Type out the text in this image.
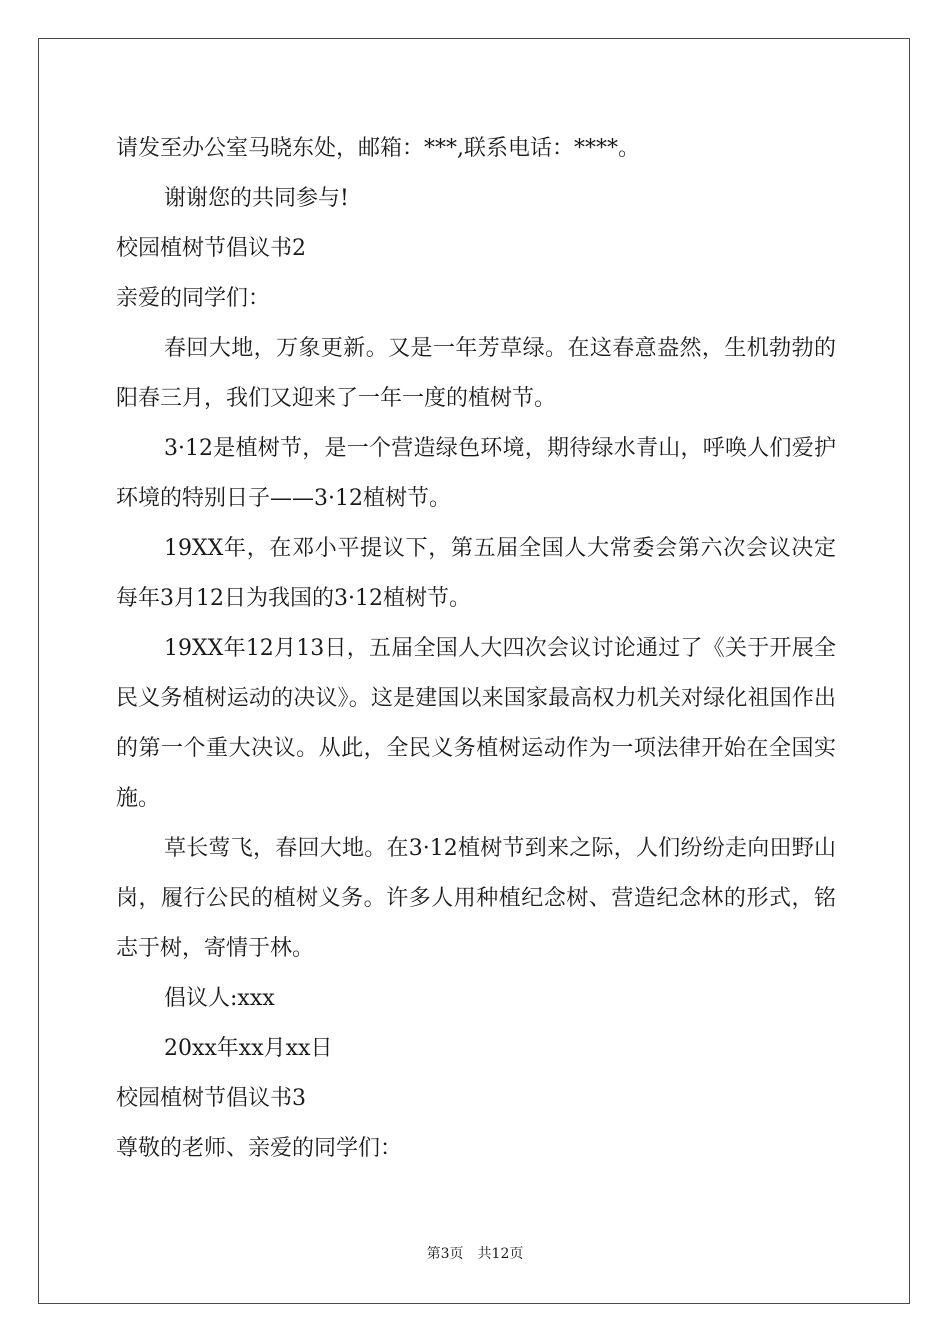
请发至办公室马晓东处，邮箱：***,联系电话：****。

谢谢您的共同参与!

校园植树节倡议书2

亲爱的同学们：

春回大地，万象更新。又是一年芳草绿。在这春意盎然，生机勃勃的阳春三月，我们又迎来了一年一度的植树节。

3·12是植树节，是一个营造绿色环境，期待绿水青山，呼唤人们爱护环境的特别日子——3·12植树节。

19XX年，在邓小平提议下，第五届全国人大常委会第六次会议决定每年3月12日为我国的3·12植树节。

19XX年12月13日，五届全国人大四次会议讨论通过了《关于开展全民义务植树运动的决议》。这是建国以来国家最高权力机关对绿化祖国作出的第一个重大决议。从此，全民义务植树运动作为一项法律开始在全国实施。

草长莺飞，春回大地。在3·12植树节到来之际，人们纷纷走向田野山岗，履行公民的植树义务。许多人用种植纪念树、营造纪念林的形式，铭志于树，寄情于林。

倡议人:xxx

20xx年xx月xx日

校园植树节倡议书3

尊敬的老师、亲爱的同学们：

第3页 共12页
